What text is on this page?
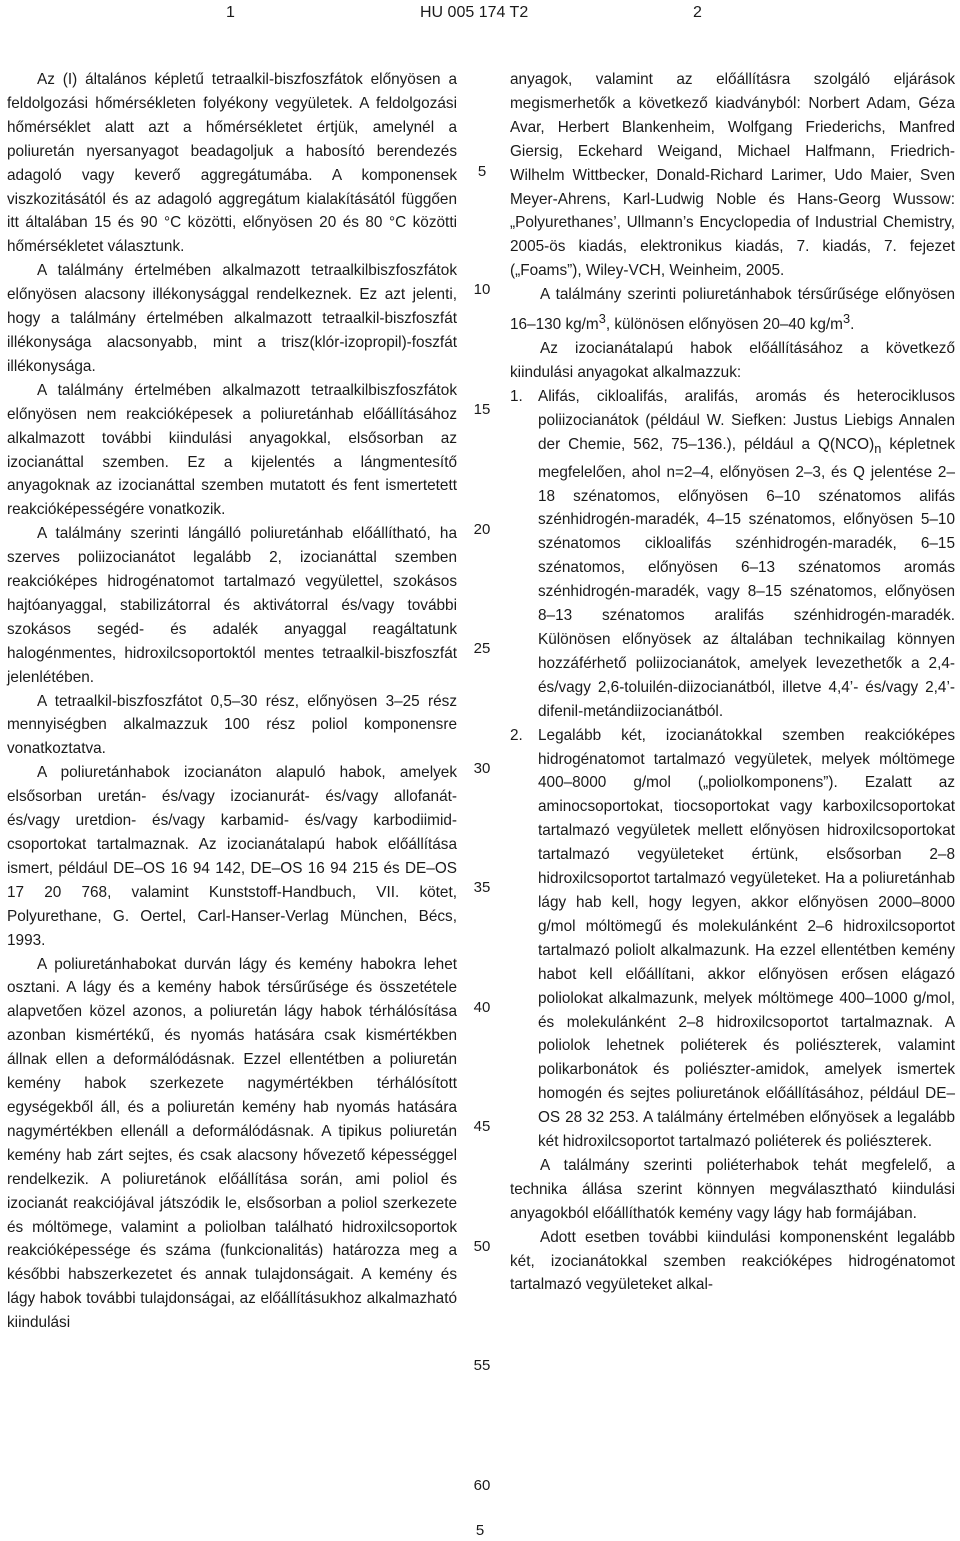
1	HU 005 174 T2	2

Az (I) általános képletű tetraalkil-biszfoszfátok előnyösen a feldolgozási hőmérsékleten folyékony vegyületek. A feldolgozási hőmérséklet alatt azt a hőmérsékletet értjük, amelynél a poliuretán nyersanyagot beadagoljuk a habosító berendezés adagoló vagy keverő aggregátumába. A komponensek viszkozitásától és az adagoló aggregátum kialakításától függően itt általában 15 és 90 °C közötti, előnyösen 20 és 80 °C közötti hőmérsékletet választunk.

A találmány értelmében alkalmazott tetraalkilbiszfoszfátok előnyösen alacsony illékonysággal rendelkeznek. Ez azt jelenti, hogy a találmány értelmében alkalmazott tetraalkil-biszfoszfát illékonysága alacsonyabb, mint a trisz(klór-izopropil)-foszfát illékonysága.

A találmány értelmében alkalmazott tetraalkilbiszfoszfátok előnyösen nem reakcióképesek a poliuretánhab előállításához alkalmazott további kiindulási anyagokkal, elsősorban az izocianáttal szemben. Ez a kijelentés a lángmentesítő anyagoknak az izocianáttal szemben mutatott és fent ismertetett reakcióképességére vonatkozik.

A találmány szerinti lángálló poliuretánhab előállítható, ha szerves poliizocianátot legalább 2, izocianáttal szemben reakcióképes hidrogénatomot tartalmazó vegyülettel, szokásos hajtóanyaggal, stabilizátorral és aktivátorral és/vagy további szokásos segéd- és adalék anyaggal reagáltatunk halogénmentes, hidroxilcsoportoktól mentes tetraalkil-biszfoszfát jelenlétében.

A tetraalkil-biszfoszfátot 0,5–30 rész, előnyösen 3–25 rész mennyiségben alkalmazzuk 100 rész poliol komponensre vonatkoztatva.

A poliuretánhabok izocianáton alapuló habok, amelyek elsősorban uretán- és/vagy izocianurát- és/vagy allofanát- és/vagy uretdion- és/vagy karbamid- és/vagy karbodiimid-csoportokat tartalmaznak. Az izocianátalapú habok előállítása ismert, például DE–OS 16 94 142, DE–OS 16 94 215 és DE–OS 17 20 768, valamint Kunststoff-Handbuch, VII. kötet, Polyurethane, G. Oertel, Carl-Hanser-Verlag München, Bécs, 1993.

A poliuretánhabokat durván lágy és kemény habokra lehet osztani. A lágy és a kemény habok térsűrűsége és összetétele alapvetően közel azonos, a poliuretán lágy habok térhálósítása azonban kismértékű, és nyomás hatására csak kismértékben állnak ellen a deformálódásnak. Ezzel ellentétben a poliuretán kemény habok szerkezete nagymértékben térhálósított egységekből áll, és a poliuretán kemény hab nyomás hatására nagymértékben ellenáll a deformálódásnak. A tipikus poliuretán kemény hab zárt sejtes, és csak alacsony hővezető képességgel rendelkezik. A poliuretánok előállítása során, ami poliol és izocianát reakciójával játszódik le, elsősorban a poliol szerkezete és móltömege, valamint a poliolban található hidroxilcsoportok reakcióképessége és száma (funkcionalitás) határozza meg a későbbi habszerkezetet és annak tulajdonságait. A kemény és lágy habok további tulajdonságai, az előállításukhoz alkalmazható kiindulási

5
10
15
20
25
30
35
40
45
50
55
60

anyagok, valamint az előállításra szolgáló eljárások megismerhetők a következő kiadványból: Norbert Adam, Géza Avar, Herbert Blankenheim, Wolfgang Friederichs, Manfred Giersig, Eckehard Weigand, Michael Halfmann, Friedrich-Wilhelm Wittbecker, Donald-Richard Larimer, Udo Maier, Sven Meyer-Ahrens, Karl-Ludwig Noble és Hans-Georg Wussow: „Polyurethanes’, Ullmann’s Encyclopedia of Industrial Chemistry, 2005-ös kiadás, elektronikus kiadás, 7. kiadás, 7. fejezet („Foams”), Wiley-VCH, Weinheim, 2005.

A találmány szerinti poliuretánhabok térsűrűsége előnyösen 16–130 $kg/m^3$, különösen előnyösen 20–40 $kg/m^3$.

Az izocianátalapú habok előállításához a következő kiindulási anyagokat alkalmazzuk:

1. Alifás, cikloalifás, aralifás, aromás és heterociklusos poliizocianátok (például W. Siefken: Justus Liebigs Annalen der Chemie, 562, 75–136.), például a $Q(NCO)_n$ képletnek megfelelően, ahol n=2–4, előnyösen 2–3, és Q jelentése 2–18 szénatomos, előnyösen 6–10 szénatomos alifás szénhidrogén-maradék, 4–15 szénatomos, előnyösen 5–10 szénatomos cikloalifás szénhidrogén-maradék, 6–15 szénatomos, előnyösen 6–13 szénatomos aromás szénhidrogén-maradék, vagy 8–15 szénatomos, előnyösen 8–13 szénatomos aralifás szénhidrogén-maradék. Különösen előnyösek az általában technikailag könnyen hozzáférhető poliizocianátok, amelyek levezethetők a 2,4- és/vagy 2,6-toluilén-diizocianátból, illetve 4,4’- és/vagy 2,4’-difenil-metándiizocianátból.
2. Legalább két, izocianátokkal szemben reakcióképes hidrogénatomot tartalmazó vegyületek, melyek móltömege 400–8000 g/mol („poliolkomponens”). Ezalatt az aminocsoportokat, tiocsoportokat vagy karboxilcsoportokat tartalmazó vegyületek mellett előnyösen hidroxilcsoportokat tartalmazó vegyületeket értünk, elsősorban 2–8 hidroxilcsoportot tartalmazó vegyületeket. Ha a poliuretánhab lágy hab kell, hogy legyen, akkor előnyösen 2000–8000 g/mol móltömegű és molekulánként 2–6 hidroxilcsoportot tartalmazó poliolt alkalmazunk. Ha ezzel ellentétben kemény habot kell előállítani, akkor előnyösen erősen elágazó poliolokat alkalmazunk, melyek móltömege 400–1000 g/mol, és molekulánként 2–8 hidroxilcsoportot tartalmaznak. A poliolok lehetnek poliéterek és poliészterek, valamint polikarbonátok és poliészter-amidok, amelyek ismertek homogén és sejtes poliuretánok előállításához, például DE–OS 28 32 253. A találmány értelmében előnyösek a legalább két hidroxilcsoportot tartalmazó poliéterek és poliészterek.

A találmány szerinti poliéterhabok tehát megfelelő, a technika állása szerint könnyen megválasztható kiindulási anyagokból előállíthatók kemény vagy lágy hab formájában.

Adott esetben további kiindulási komponensként legalább két, izocianátokkal szemben reakcióképes hidrogénatomot tartalmazó vegyületeket alkal-

5
